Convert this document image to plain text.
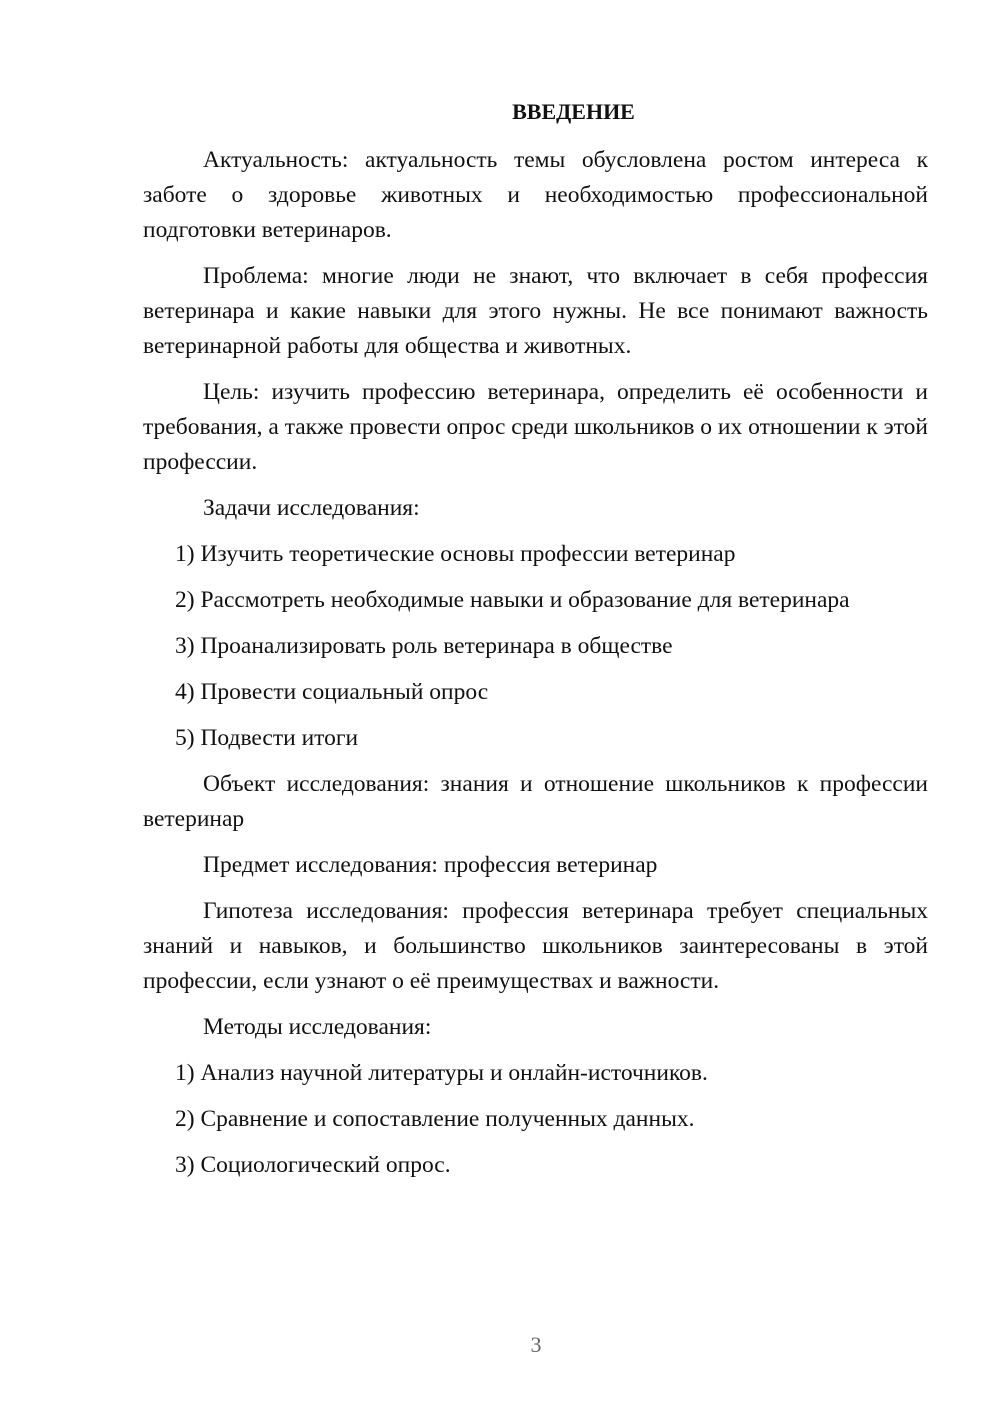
ВВЕДЕНИЕ

Актуальность: актуальность темы обусловлена ростом интереса к заботе о здоровье животных и необходимостью профессиональной подготовки ветеринаров.

Проблема: многие люди не знают, что включает в себя профессия ветеринара и какие навыки для этого нужны. Не все понимают важность ветеринарной работы для общества и животных.

Цель: изучить профессию ветеринара, определить её особенности и требования, а также провести опрос среди школьников о их отношении к этой профессии.

Задачи исследования:

1) Изучить теоретические основы профессии ветеринар
2) Рассмотреть необходимые навыки и образование для ветеринара
3) Проанализировать роль ветеринара в обществе
4) Провести социальный опрос
5) Подвести итоги

Объект исследования: знания и отношение школьников к профессии ветеринар

Предмет исследования: профессия ветеринар

Гипотеза исследования: профессия ветеринара требует специальных знаний и навыков, и большинство школьников заинтересованы в этой профессии, если узнают о её преимуществах и важности.

Методы исследования:

1) Анализ научной литературы и онлайн-источников.
2) Сравнение и сопоставление полученных данных.
3) Социологический опрос.
3
